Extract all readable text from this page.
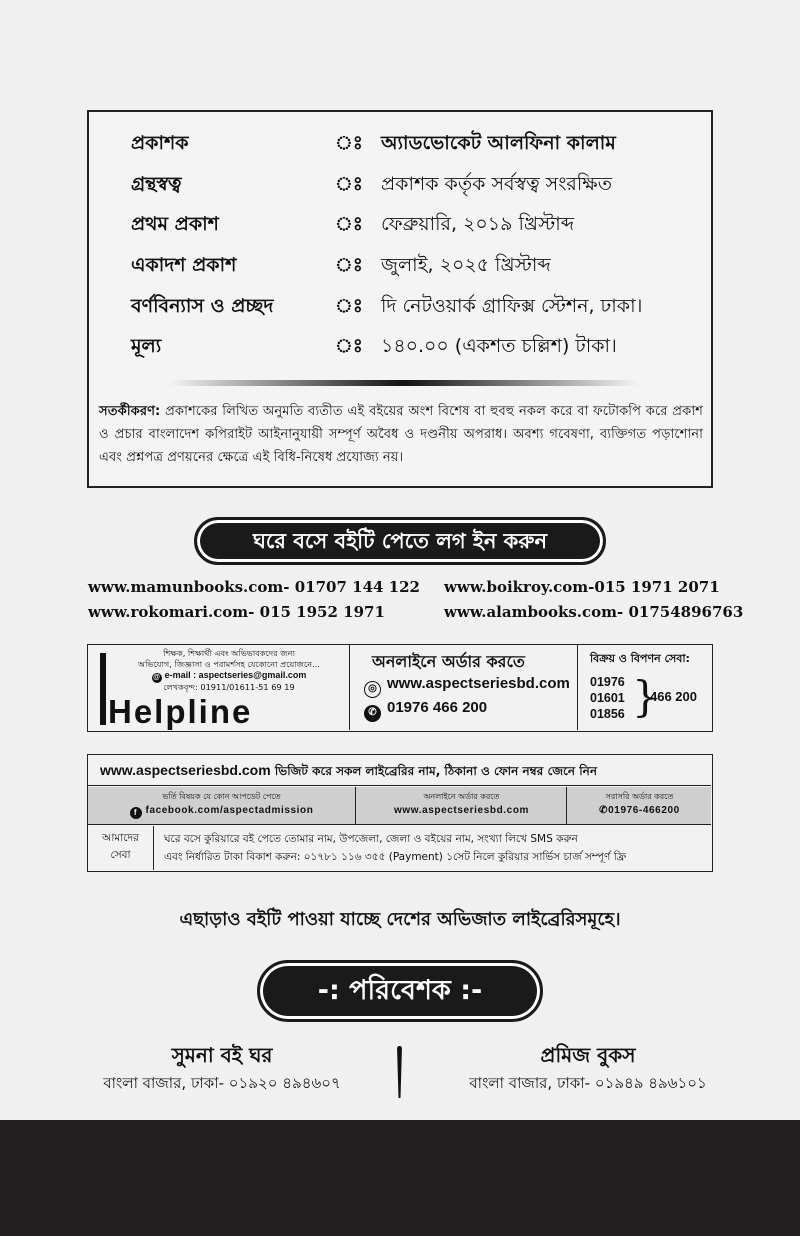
প্রকাশক	ঃ অ্যাডভোকেট আলফিনা কালাম
গ্রন্থস্বত্ব	ঃ প্রকাশক কর্তৃক সর্বস্বত্ব সংরক্ষিত
প্রথম প্রকাশ	ঃ ফেব্রুয়ারি, ২০১৯ খ্রিস্টাব্দ
একাদশ প্রকাশ	ঃ জুলাই, ২০২৫ খ্রিস্টাব্দ
বর্ণবিন্যাস ও প্রচ্ছদ	ঃ দি নেটওয়ার্ক গ্রাফিক্স স্টেশন, ঢাকা।
মূল্য	ঃ ১৪০.০০ (একশত চল্লিশ) টাকা।

সতর্কীকরণ: প্রকাশকের লিখিত অনুমতি ব্যতীত এই বইয়ের অংশ বিশেষ বা হুবহু নকল করে বা ফটোকপি করে প্রকাশ ও প্রচার বাংলাদেশ কপিরাইট আইনানুযায়ী সম্পূর্ণ অবৈধ ও দণ্ডনীয় অপরাধ। অবশ্য গবেষণা, ব্যক্তিগত পড়াশোনা এবং প্রশ্নপত্র প্রণয়নের ক্ষেত্রে এই বিধি-নিষেধ প্রযোজ্য নয়।

ঘরে বসে বইটি পেতে লগ ইন করুন
www.mamunbooks.com- 01707 144 122
www.rokomari.com- 015 1952 1971
www.boikroy.com-015 1971 2071
www.alambooks.com- 01754896763
শিক্ষক, শিক্ষার্থী এবং অভিভাবকদের জন্য
অভিযোগ, জিজ্ঞাসা ও পরামর্শসহ যেকোনো প্রয়োজনে...
@ e-mail : aspectseries@gmail.com
লেখকবৃন্দ: 01911/01611-51 69 19
Helpline
অনলাইনে অর্ডার করতে
◎ www.aspectseriesbd.com
✆ 01976 466 200
বিক্রয় ও বিপণন সেবা:
01976
01601
01856 }
466 200
www.aspectseriesbd.com ভিজিট করে সকল লাইব্রেরির নাম, ঠিকানা ও ফোন নম্বর জেনে নিন
ভর্তি বিষয়ক যে কোন আপডেট পেতে
f facebook.com/aspectadmission
অনলাইনে অর্ডার করতে
www.aspectseriesbd.com
সরাসরি অর্ডার করতে
✆01976-466200
আমাদের
সেবা
ঘরে বসে কুরিয়ারে বই পেতে তোমার নাম, উপজেলা, জেলা ও বইয়ের নাম, সংখ্যা লিখে SMS করুন
এবং নির্ধারিত টাকা বিকাশ করুন: ০১৭৮১ ১১৬ ৩৫৫ (Payment) ১সেট নিলে কুরিয়ার সার্ভিস চার্জ সম্পূর্ণ ফ্রি
এছাড়াও বইটি পাওয়া যাচ্ছে দেশের অভিজাত লাইব্রেরিসমূহে।
-: পরিবেশক :-
সুমনা বই ঘর
বাংলা বাজার, ঢাকা- ০১৯২০ ৪৯৪৬০৭
প্রমিজ বুকস
বাংলা বাজার, ঢাকা- ০১৯৪৯ ৪৯৬১০১
